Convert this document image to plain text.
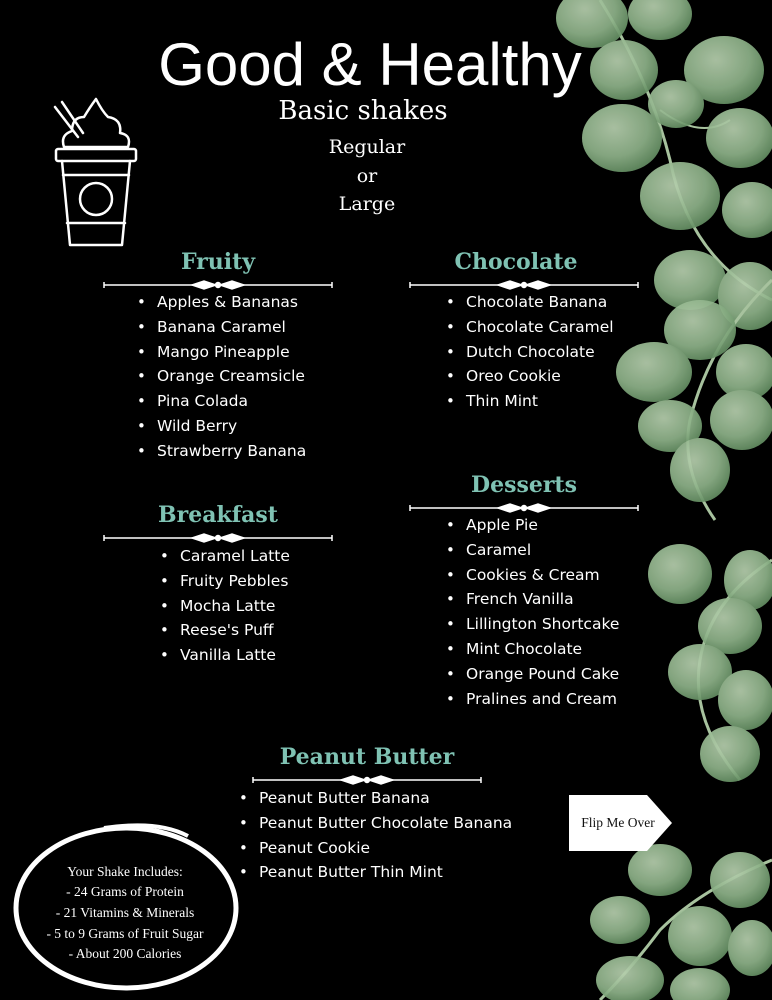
Good & Healthy
Basic shakes
Regular
or
Large
Fruity
• Apples & Bananas
• Banana Caramel
• Mango Pineapple
• Orange Creamsicle
• Pina Colada
• Wild Berry
• Strawberry Banana
Chocolate
• Chocolate Banana
• Chocolate Caramel
• Dutch Chocolate
• Oreo Cookie
• Thin Mint
Breakfast
• Caramel Latte
• Fruity Pebbles
• Mocha Latte
• Reese's Puff
• Vanilla Latte
Desserts
• Apple Pie
• Caramel
• Cookies & Cream
• French Vanilla
• Lillington Shortcake
• Mint Chocolate
• Orange Pound Cake
• Pralines and Cream
Peanut Butter
• Peanut Butter Banana
• Peanut Butter Chocolate Banana
• Peanut Cookie
• Peanut Butter Thin Mint
Flip Me Over
Your Shake Includes:
- 24 Grams of Protein
- 21 Vitamins & Minerals
- 5 to 9 Grams of Fruit Sugar
- About 200 Calories
